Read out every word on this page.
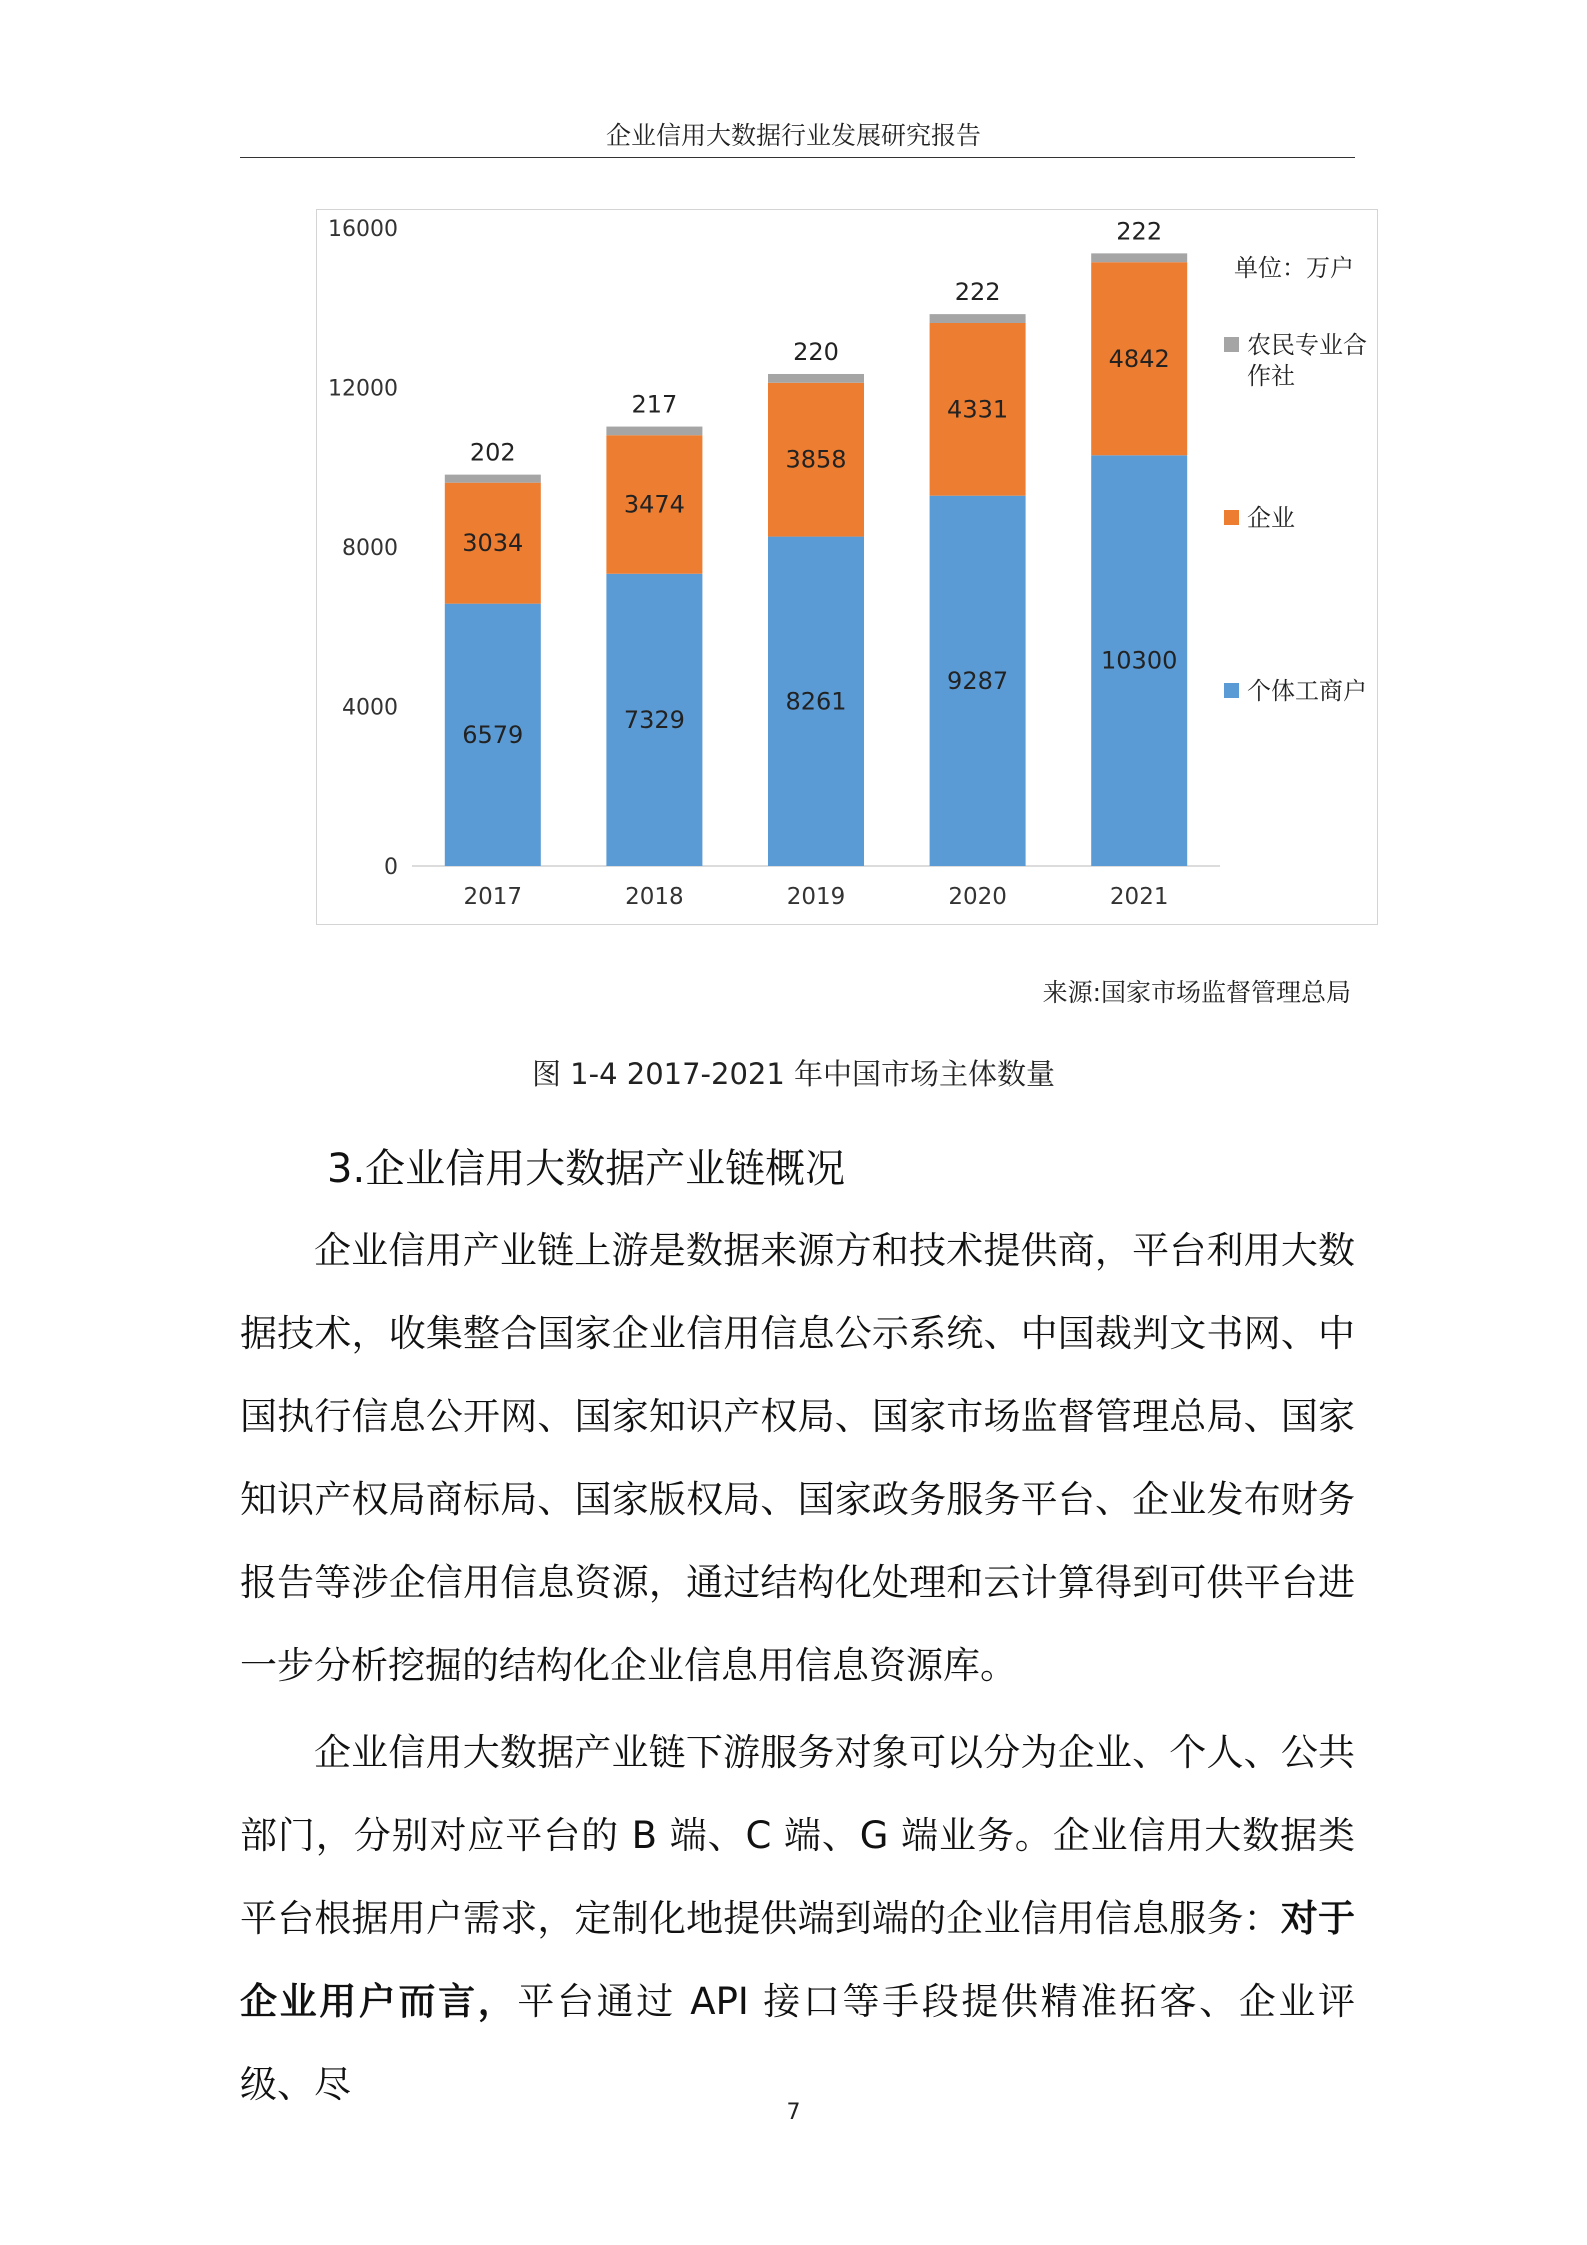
企业信用大数据行业发展研究报告
0
4000
8000
12000
16000
6579
3034
202
2017
7329
3474
217
2018
8261
3858
220
2019
9287
4331
222
2020
10300
4842
222
2021
单位：万户
农民专业合
作社
企业
个体工商户
来源:国家市场监督管理总局
图 1-4 2017-2021 年中国市场主体数量
3.企业信用大数据产业链概况

企业信用产业链上游是数据来源方和技术提供商，平台利用大数据技术，收集整合国家企业信用信息公示系统、中国裁判文书网、中国执行信息公开网、国家知识产权局、国家市场监督管理总局、国家知识产权局商标局、国家版权局、国家政务服务平台、企业发布财务报告等涉企信用信息资源，通过结构化处理和云计算得到可供平台进一步分析挖掘的结构化企业信息用信息资源库。

企业信用大数据产业链下游服务对象可以分为企业、个人、公共部门，分别对应平台的 B 端、C 端、G 端业务。企业信用大数据类平台根据用户需求，定制化地提供端到端的企业信用信息服务：对于企业用户而言，平台通过 API 接口等手段提供精准拓客、企业评级、尽

7
